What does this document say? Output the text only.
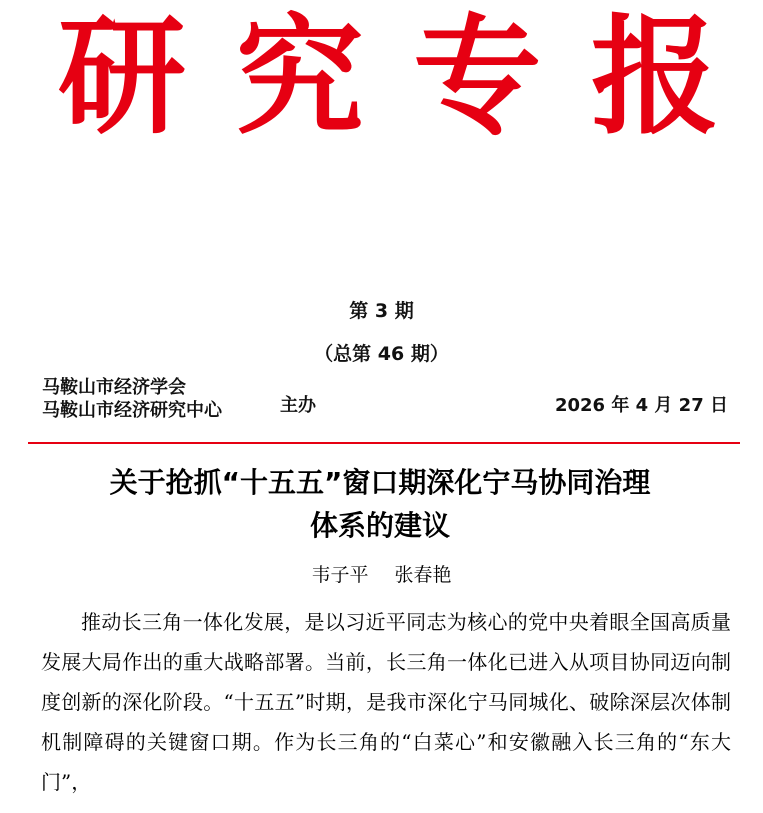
研 究 专 报
第 3 期
（总第 46 期）
马鞍山市经济学会
马鞍山市经济研究中心	主办	2026 年 4 月 27 日
关于抢抓“十五五”窗口期深化宁马协同治理
体系的建议
韦子平 张春艳

推动长三角一体化发展，是以习近平同志为核心的党中央着眼全国高质量发展大局作出的重大战略部署。当前，长三角一体化已进入从项目协同迈向制度创新的深化阶段。“十五五”时期，是我市深化宁马同城化、破除深层次体制机制障碍的关键窗口期。作为长三角的“白菜心”和安徽融入长三角的“东大门”，
